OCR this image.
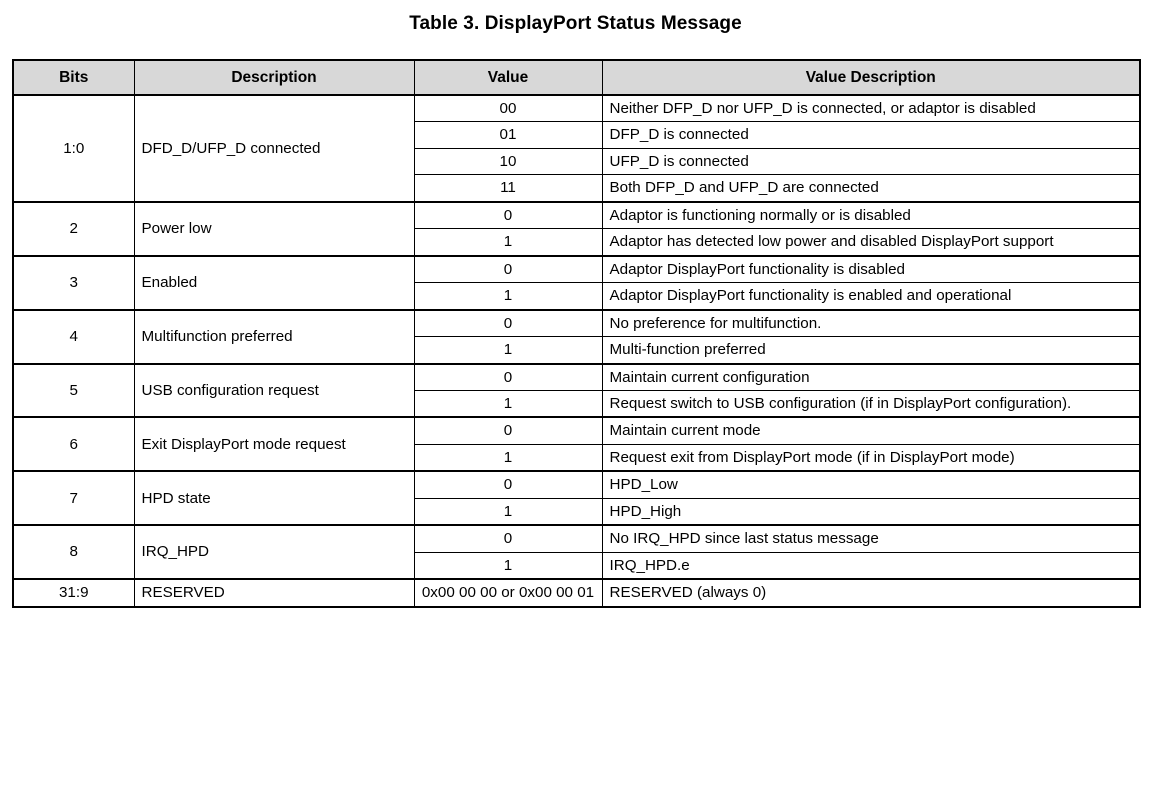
Table 3. DisplayPort Status Message
Bits	Description	Value	Value Description
1:0	DFD_D/UFP_D connected	00	Neither DFP_D nor UFP_D is connected, or adaptor is disabled
		01	DFP_D is connected
		10	UFP_D is connected
		11	Both DFP_D and UFP_D are connected
2	Power low	0	Adaptor is functioning normally or is disabled
		1	Adaptor has detected low power and disabled DisplayPort support
3	Enabled	0	Adaptor DisplayPort functionality is disabled
		1	Adaptor DisplayPort functionality is enabled and operational
4	Multifunction preferred	0	No preference for multifunction.
		1	Multi-function preferred
5	USB configuration request	0	Maintain current configuration
		1	Request switch to USB configuration (if in DisplayPort configuration).
6	Exit DisplayPort mode request	0	Maintain current mode
		1	Request exit from DisplayPort mode (if in DisplayPort mode)
7	HPD state	0	HPD_Low
		1	HPD_High
8	IRQ_HPD	0	No IRQ_HPD since last status message
		1	IRQ_HPD.e
31:9	RESERVED	0x00 00 00 or 0x00 00 01	RESERVED (always 0)
